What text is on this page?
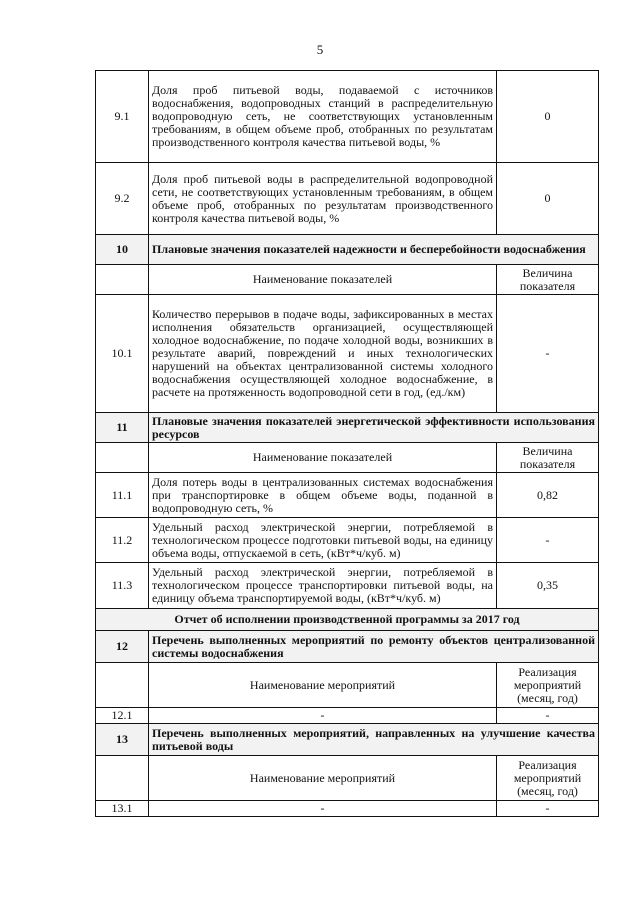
5
9.1	Доля проб питьевой воды, подаваемой с источников водоснабжения, водопроводных станций в распределительную водопроводную сеть, не соответствующих установленным требованиям, в общем объеме проб, отобранных по результатам производственного контроля качества питьевой воды, %	0
9.2	Доля проб питьевой воды в распределительной водопроводной сети, не соответствующих установленным требованиям, в общем объеме проб, отобранных по результатам производственного контроля качества питьевой воды, %	0
10	Плановые значения показателей надежности и бесперебойности водоснабжения	
	Наименование показателей	Величина показателя
10.1	Количество перерывов в подаче воды, зафиксированных в местах исполнения обязательств организацией, осуществляющей холодное водоснабжение, по подаче холодной воды, возникших в результате аварий, повреждений и иных технологических нарушений на объектах централизованной системы холодного водоснабжения осуществляющей холодное водоснабжение, в расчете на протяженность водопроводной сети в год, (ед./км)	-
11	Плановые значения показателей энергетической эффективности использования ресурсов	
	Наименование показателей	Величина показателя
11.1	Доля потерь воды в централизованных системах водоснабжения при транспортировке в общем объеме воды, поданной в водопроводную сеть, %	0,82
11.2	Удельный расход электрической энергии, потребляемой в технологическом процессе подготовки питьевой воды, на единицу объема воды, отпускаемой в сеть, (кВт*ч/куб. м)	-
11.3	Удельный расход электрической энергии, потребляемой в технологическом процессе транспортировки питьевой воды, на единицу объема транспортируемой воды, (кВт*ч/куб. м)	0,35
Отчет об исполнении производственной программы за 2017 год		
12	Перечень выполненных мероприятий по ремонту объектов централизованной системы водоснабжения	
	Наименование мероприятий	Реализация мероприятий (месяц, год)
12.1	-	-
13	Перечень выполненных мероприятий, направленных на улучшение качества питьевой воды	
	Наименование мероприятий	Реализация мероприятий (месяц, год)
13.1	-	-
